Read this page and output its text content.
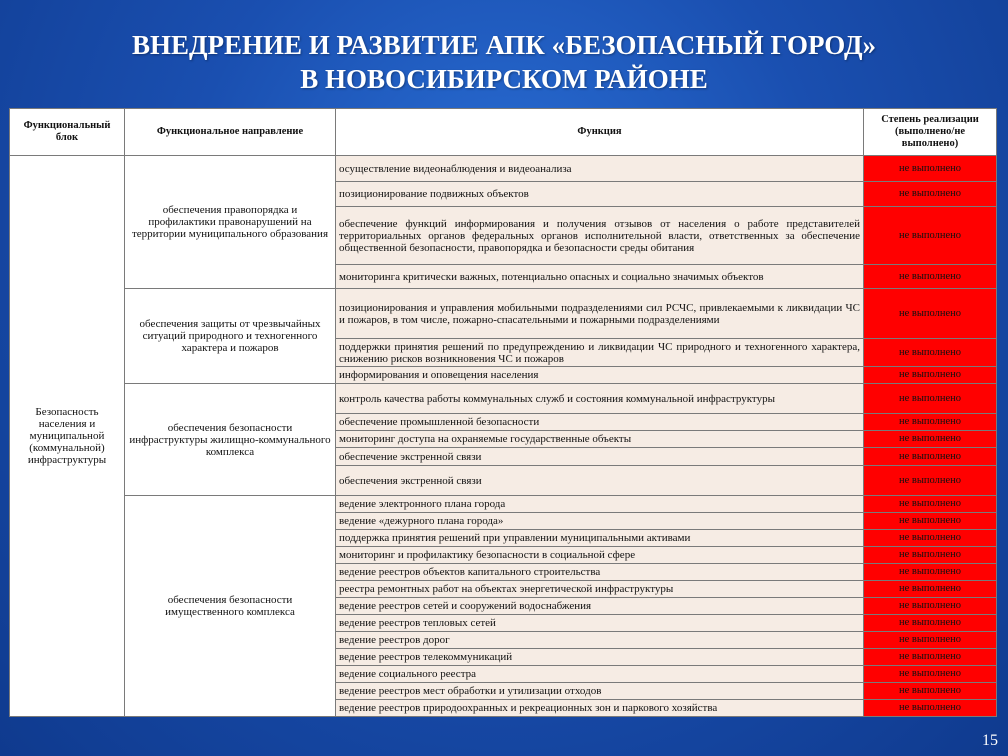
ВНЕДРЕНИЕ И РАЗВИТИЕ АПК «БЕЗОПАСНЫЙ ГОРОД»
В НОВОСИБИРСКОМ РАЙОНЕ
Функциональный блок	Функциональное направление	Функция	Степень реализации (выполнено/не выполнено)
Безопасность населения и муниципальной (коммунальной) инфраструктуры	обеспечения правопорядка и профилактики правонарушений на территории муниципального образования	осуществление видеонаблюдения и видеоанализа	не выполнено
		позиционирование подвижных объектов	не выполнено
		обеспечение функций информирования и получения отзывов от населения о работе представителей территориальных органов федеральных органов исполнительной власти, ответственных за обеспечение общественной безопасности, правопорядка и безопасности среды обитания	не выполнено
		мониторинга критически важных, потенциально опасных и социально значимых объектов	не выполнено
	обеспечения защиты от чрезвычайных ситуаций природного и техногенного характера и пожаров	позиционирования и управления мобильными подразделениями сил РСЧС, привлекаемыми к ликвидации ЧС и пожаров, в том числе, пожарно-спасательными и пожарными подразделениями	не выполнено
		поддержки принятия решений по предупреждению и ликвидации ЧС природного и техногенного характера, снижению рисков возникновения ЧС и пожаров	не выполнено
		информирования и оповещения населения	не выполнено
	обеспечения безопасности инфраструктуры жилищно-коммунального комплекса	контроль качества работы коммунальных служб и состояния коммунальной инфраструктуры	не выполнено
		обеспечение промышленной безопасности	не выполнено
		мониторинг доступа на охраняемые государственные объекты	не выполнено
		обеспечение экстренной связи	не выполнено
		обеспечения экстренной связи	не выполнено
	обеспечения безопасности имущественного комплекса	ведение электронного плана города	не выполнено
		ведение «дежурного плана города»	не выполнено
		поддержка принятия решений при управлении муниципальными активами	не выполнено
		мониторинг и профилактику безопасности в социальной сфере	не выполнено
		ведение реестров объектов капитального строительства	не выполнено
		реестра ремонтных работ на объектах энергетической инфраструктуры	не выполнено
		ведение реестров сетей и сооружений водоснабжения	не выполнено
		ведение реестров тепловых сетей	не выполнено
		ведение реестров дорог	не выполнено
		ведение реестров телекоммуникаций	не выполнено
		ведение социального реестра	не выполнено
		ведение реестров мест обработки и утилизации отходов	не выполнено
		ведение реестров природоохранных и рекреационных зон и паркового хозяйства	не выполнено
15
